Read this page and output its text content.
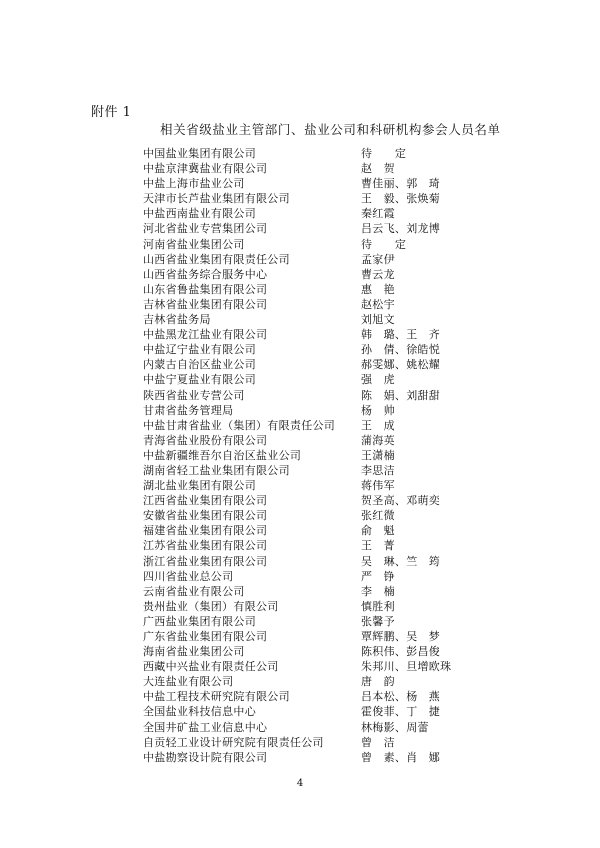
附件 1
相关省级盐业主管部门、盐业公司和科研机构参会人员名单
中国盐业集团有限公司	待　　定
中盐京津冀盐业有限公司	赵　贺
中盐上海市盐业公司	曹佳丽、郭　琦
天津市长芦盐业集团有限公司	王　毅、张焕菊
中盐西南盐业有限公司	秦红霞
河北省盐业专营集团公司	吕云飞、刘龙博
河南省盐业集团公司	待　　定
山西省盐业集团有限责任公司	孟家伊
山西省盐务综合服务中心	曹云龙
山东省鲁盐集团有限公司	惠　艳
吉林省盐业集团有限公司	赵松宇
吉林省盐务局	刘旭文
中盐黑龙江盐业有限公司	韩　璐、王　齐
中盐辽宁盐业有限公司	孙　倩、徐皓悦
内蒙古自治区盐业公司	郝雯娜、姚松耀
中盐宁夏盐业有限公司	强　虎
陕西省盐业专营公司	陈　娟、刘甜甜
甘肃省盐务管理局	杨　帅
中盐甘肃省盐业（集团）有限责任公司 王　成
青海省盐业股份有限公司	蒲海英
中盐新疆维吾尔自治区盐业公司	王潇楠
湖南省轻工盐业集团有限公司	李思洁
湖北盐业集团有限公司	蒋伟军
江西省盐业集团有限公司	贺圣高、邓萌奕
安徽省盐业集团有限公司	张红微
福建省盐业集团有限公司	俞　魁
江苏省盐业集团有限公司	王　菁
浙江省盐业集团有限公司	吴　琳、竺　筠
四川省盐业总公司	严　铮
云南省盐业有限公司	李　楠
贵州盐业（集团）有限公司	慎胜利
广西盐业集团有限公司	张馨予
广东省盐业集团有限公司	覃辉鹏、吴　梦
海南省盐业集团公司	陈积伟、彭昌俊
西藏中兴盐业有限责任公司	朱邦川、旦增欧珠
大连盐业有限公司	唐　韵
中盐工程技术研究院有限公司	吕本松、杨　燕
全国盐业科技信息中心	霍俊菲、丁　捷
全国井矿盐工业信息中心	林梅影、周蕾
自贡轻工业设计研究院有限责任公司	曾　洁
中盐勘察设计院有限公司	曾　素、肖　娜
4
